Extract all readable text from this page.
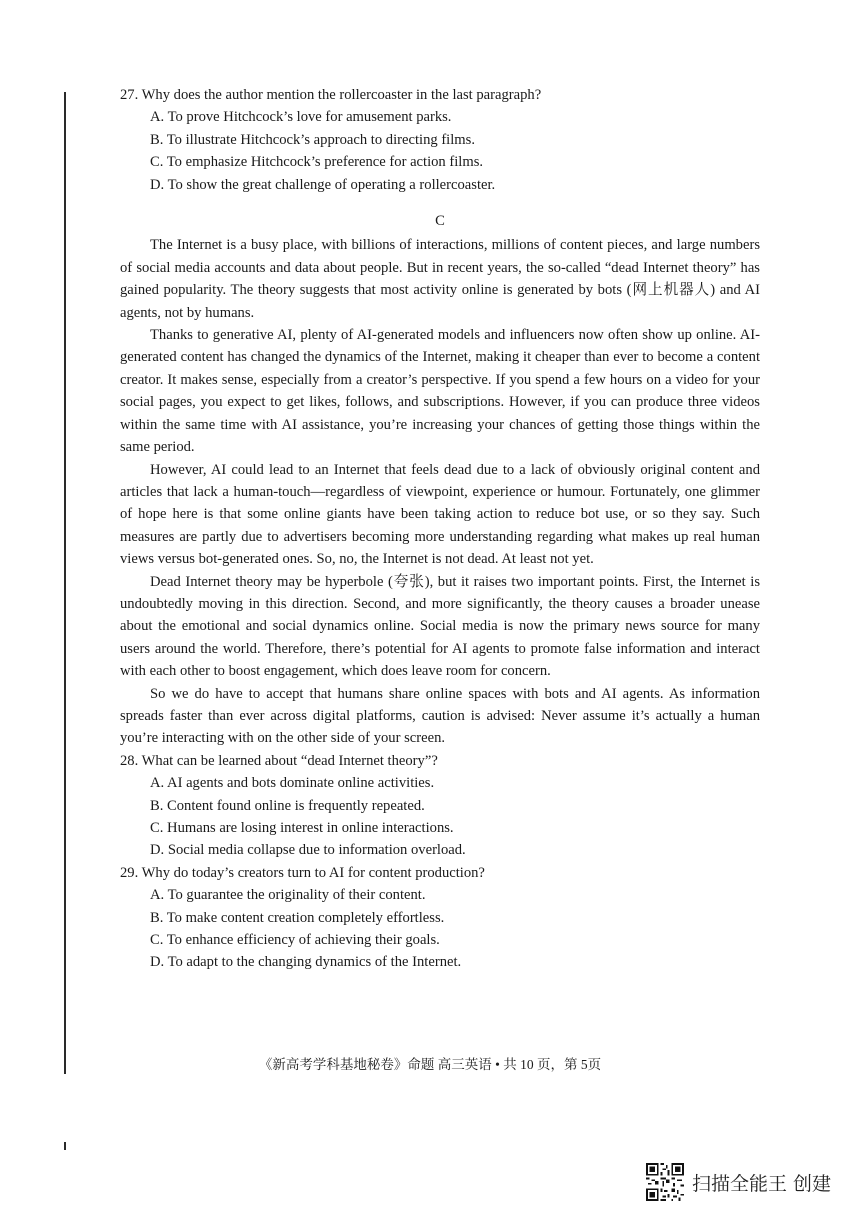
27. Why does the author mention the rollercoaster in the last paragraph?

A. To prove Hitchcock’s love for amusement parks.

B. To illustrate Hitchcock’s approach to directing films.

C. To emphasize Hitchcock’s preference for action films.

D. To show the great challenge of operating a rollercoaster.

C

The Internet is a busy place, with billions of interactions, millions of content pieces, and large numbers of social media accounts and data about people. But in recent years, the so-called “dead Internet theory” has gained popularity. The theory suggests that most activity online is generated by bots (网上机器人) and AI agents, not by humans.

Thanks to generative AI, plenty of AI-generated models and influencers now often show up online. AI-generated content has changed the dynamics of the Internet, making it cheaper than ever to become a content creator. It makes sense, especially from a creator’s perspective. If you spend a few hours on a video for your social pages, you expect to get likes, follows, and subscriptions. However, if you can produce three videos within the same time with AI assistance, you’re increasing your chances of getting those things within the same period.

However, AI could lead to an Internet that feels dead due to a lack of obviously original content and articles that lack a human-touch—regardless of viewpoint, experience or humour. Fortunately, one glimmer of hope here is that some online giants have been taking action to reduce bot use, or so they say. Such measures are partly due to advertisers becoming more understanding regarding what makes up real human views versus bot-generated ones. So, no, the Internet is not dead. At least not yet.

Dead Internet theory may be hyperbole (夸张), but it raises two important points. First, the Internet is undoubtedly moving in this direction. Second, and more significantly, the theory causes a broader unease about the emotional and social dynamics online. Social media is now the primary news source for many users around the world. Therefore, there’s potential for AI agents to promote false information and interact with each other to boost engagement, which does leave room for concern.

So we do have to accept that humans share online spaces with bots and AI agents. As information spreads faster than ever across digital platforms, caution is advised: Never assume it’s actually a human you’re interacting with on the other side of your screen.

28. What can be learned about “dead Internet theory”?

A. AI agents and bots dominate online activities.

B. Content found online is frequently repeated.

C. Humans are losing interest in online interactions.

D. Social media collapse due to information overload.

29. Why do today’s creators turn to AI for content production?

A. To guarantee the originality of their content.

B. To make content creation completely effortless.

C. To enhance efficiency of achieving their goals.

D. To adapt to the changing dynamics of the Internet.

《新高考学科基地秘卷》命题 高三英语 • 共 10 页，第 5页
扫描全能王 创建
